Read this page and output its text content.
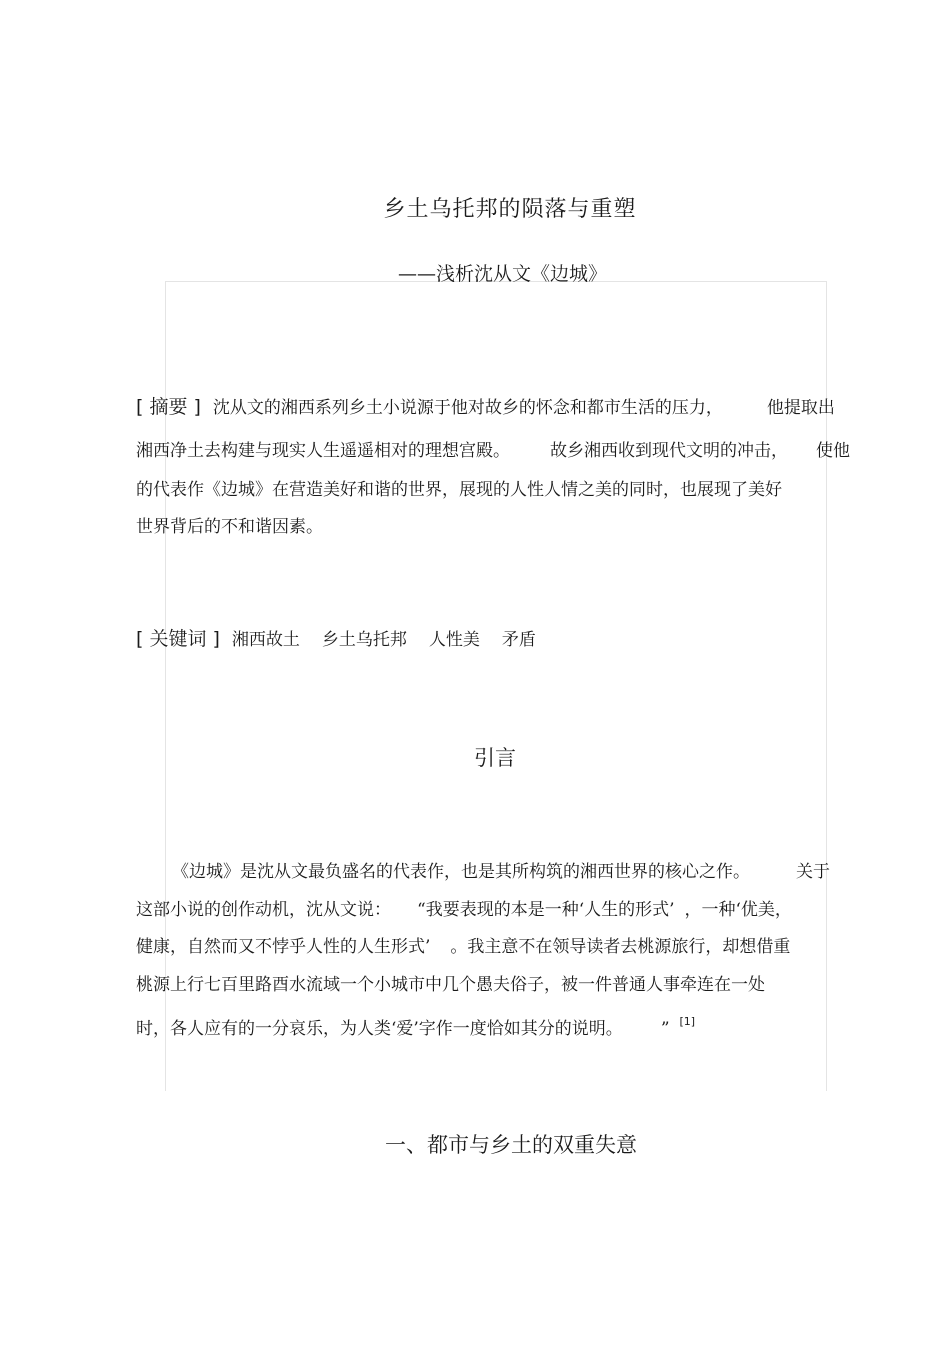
乡土乌托邦的陨落与重塑
——浅析沈从文《边城》
[ 摘要 ] 沈从文的湘西系列乡土小说源于他对故乡的怀念和都市生活的压力，	他提取出
湘西净土去构建与现实人生遥遥相对的理想宫殿。 故乡湘西收到现代文明的冲击， 使他
的代表作《边城》在营造美好和谐的世界，展现的人性人情之美的同时，也展现了美好
世界背后的不和谐因素。
[ 关键词 ] 湘西故土 乡土乌托邦 人性美 矛盾
引言
《边城》是沈从文最负盛名的代表作，也是其所构筑的湘西世界的核心之作。	关于
这部小说的创作动机，沈从文说： “我要表现的本是一种‘人生的形式’ ，一种‘优美，
健康，自然而又不悖乎人性的人生形式’ 。我主意不在领导读者去桃源旅行，却想借重
桃源上行七百里路酉水流域一个小城市中几个愚夫俗子，被一件普通人事牵连在一处
时，各人应有的一分哀乐，为人类‘爱’字作一度恰如其分的说明。 ” [1]
一、都市与乡土的双重失意
